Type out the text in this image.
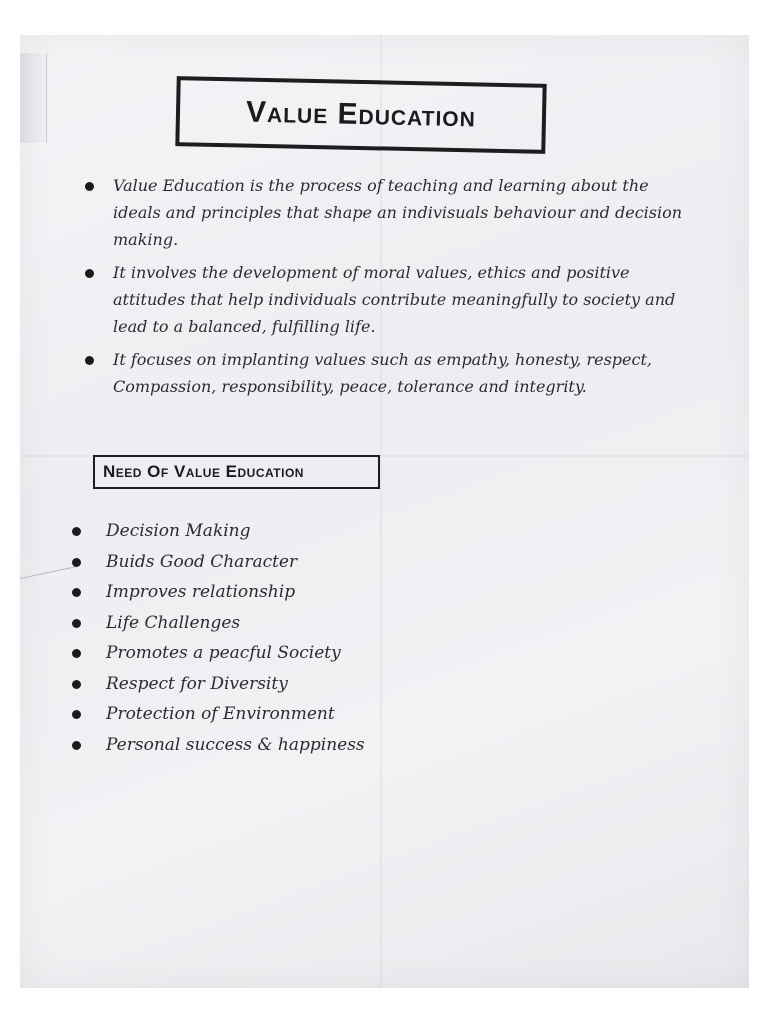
Value Education
Value Education is the process of teaching and learning about the ideals and principles that shape an indivisuals behaviour and decision making.
It involves the development of moral values, ethics and positive attitudes that help individuals contribute meaningfully to society and lead to a balanced, fulfilling life.
It focuses on implanting values such as empathy, honesty, respect, Compassion, responsibility, peace, tolerance and integrity.
Need Of Value Education
Decision Making
Buids Good Character
Improves relationship
Life Challenges
Promotes a peacful Society
Respect for Diversity
Protection of Environment
Personal success & happiness
